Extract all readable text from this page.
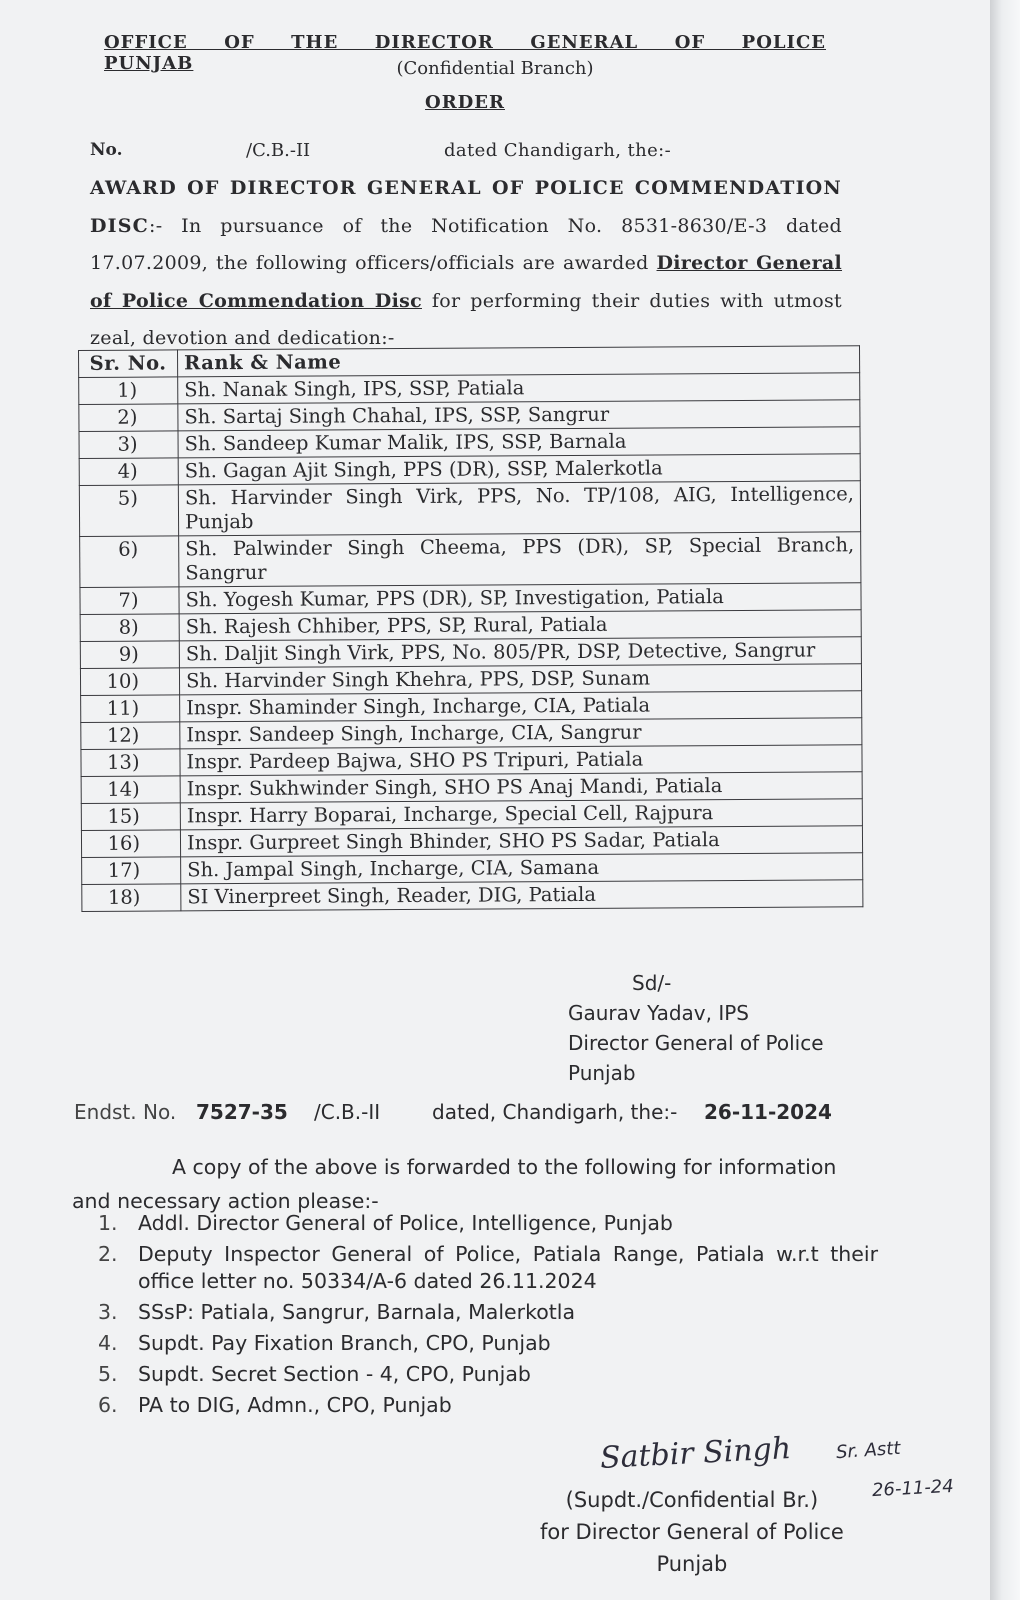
OFFICE OF THE DIRECTOR GENERAL OF POLICE PUNJAB	(Confidential Branch)
ORDER
No.	/C.B.-II	dated Chandigarh, the:-
AWARD OF DIRECTOR GENERAL OF POLICE COMMENDATION DISC:- In pursuance of the Notification No. 8531-8630/E-3 dated 17.07.2009, the following officers/officials are awarded Director General of Police Commendation Disc for performing their duties with utmost zeal, devotion and dedication:-
Sr. No.	Rank & Name
1)	Sh. Nanak Singh, IPS, SSP, Patiala
2)	Sh. Sartaj Singh Chahal, IPS, SSP, Sangrur
3)	Sh. Sandeep Kumar Malik, IPS, SSP, Barnala
4)	Sh. Gagan Ajit Singh, PPS (DR), SSP, Malerkotla
5)	Sh. Harvinder Singh Virk, PPS, No. TP/108, AIG, Intelligence, Punjab
6)	Sh. Palwinder Singh Cheema, PPS (DR), SP, Special Branch, Sangrur
7)	Sh. Yogesh Kumar, PPS (DR), SP, Investigation, Patiala
8)	Sh. Rajesh Chhiber, PPS, SP, Rural, Patiala
9)	Sh. Daljit Singh Virk, PPS, No. 805/PR, DSP, Detective, Sangrur
10)	Sh. Harvinder Singh Khehra, PPS, DSP, Sunam
11)	Inspr. Shaminder Singh, Incharge, CIA, Patiala
12)	Inspr. Sandeep Singh, Incharge, CIA, Sangrur
13)	Inspr. Pardeep Bajwa, SHO PS Tripuri, Patiala
14)	Inspr. Sukhwinder Singh, SHO PS Anaj Mandi, Patiala
15)	Inspr. Harry Boparai, Incharge, Special Cell, Rajpura
16)	Inspr. Gurpreet Singh Bhinder, SHO PS Sadar, Patiala
17)	Sh. Jampal Singh, Incharge, CIA, Samana
18)	SI Vinerpreet Singh, Reader, DIG, Patiala
Sd/-
Gaurav Yadav, IPS
Director General of Police
Punjab
Endst. No. 7527-35 /C.B.-II	dated, Chandigarh, the:- 26-11-2024
A copy of the above is forwarded to the following for information and necessary action please:-
1. Addl. Director General of Police, Intelligence, Punjab
2. Deputy Inspector General of Police, Patiala Range, Patiala w.r.t their office letter no. 50334/A-6 dated 26.11.2024
3. SSsP: Patiala, Sangrur, Barnala, Malerkotla
4. Supdt. Pay Fixation Branch, CPO, Punjab
5. Supdt. Secret Section - 4, CPO, Punjab
6. PA to DIG, Admn., CPO, Punjab
Satbir Singh Sr. Astt
26-11-24
(Supdt./Confidential Br.)
for Director General of Police
Punjab
